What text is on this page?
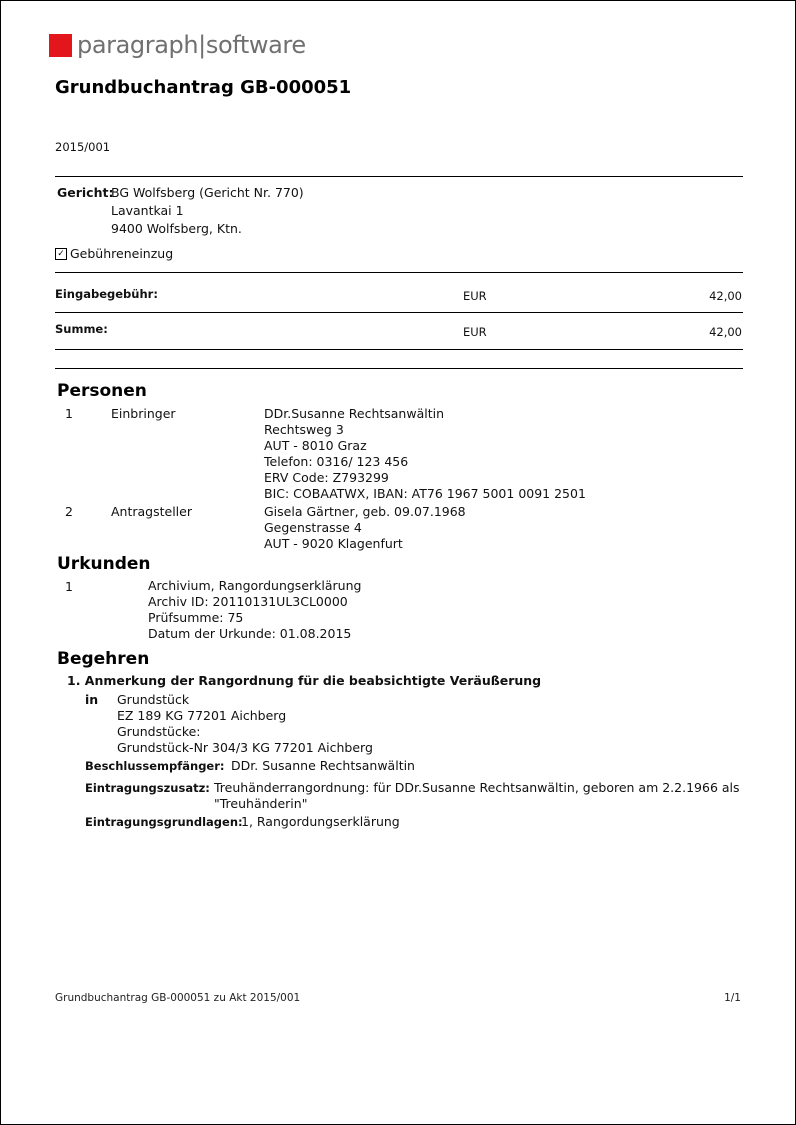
paragraph|software
Grundbuchantrag GB-000051
2015/001
Gericht:
BG Wolfsberg (Gericht Nr. 770)
Lavantkai 1
9400 Wolfsberg, Ktn.
✓ Gebühreneinzug
Eingabegebühr:	EUR	42,00
Summe:	EUR	42,00
Personen
1	Einbringer	DDr.Susanne Rechtsanwältin
Rechtsweg 3
AUT - 8010 Graz
Telefon: 0316/ 123 456
ERV Code: Z793299
BIC: COBAATWX, IBAN: AT76 1967 5001 0091 2501
2	Antragsteller	Gisela Gärtner, geb. 09.07.1968
Gegenstrasse 4
AUT - 9020 Klagenfurt
Urkunden
1	Archivium, Rangordungserklärung
Archiv ID: 20110131UL3CL0000
Prüfsumme: 75
Datum der Urkunde: 01.08.2015
Begehren
1. Anmerkung der Rangordnung für die beabsichtigte Veräußerung
in Grundstück
EZ 189 KG 77201 Aichberg
Grundstücke:
Grundstück-Nr 304/3 KG 77201 Aichberg
Beschlussempfänger: DDr. Susanne Rechtsanwältin
Eintragungszusatz: Treuhänderrangordnung: für DDr.Susanne Rechtsanwältin, geboren am 2.2.1966 als
"Treuhänderin"
Eintragungsgrundlagen:
1, Rangordungserklärung
Grundbuchantrag GB-000051 zu Akt 2015/001	1/1
